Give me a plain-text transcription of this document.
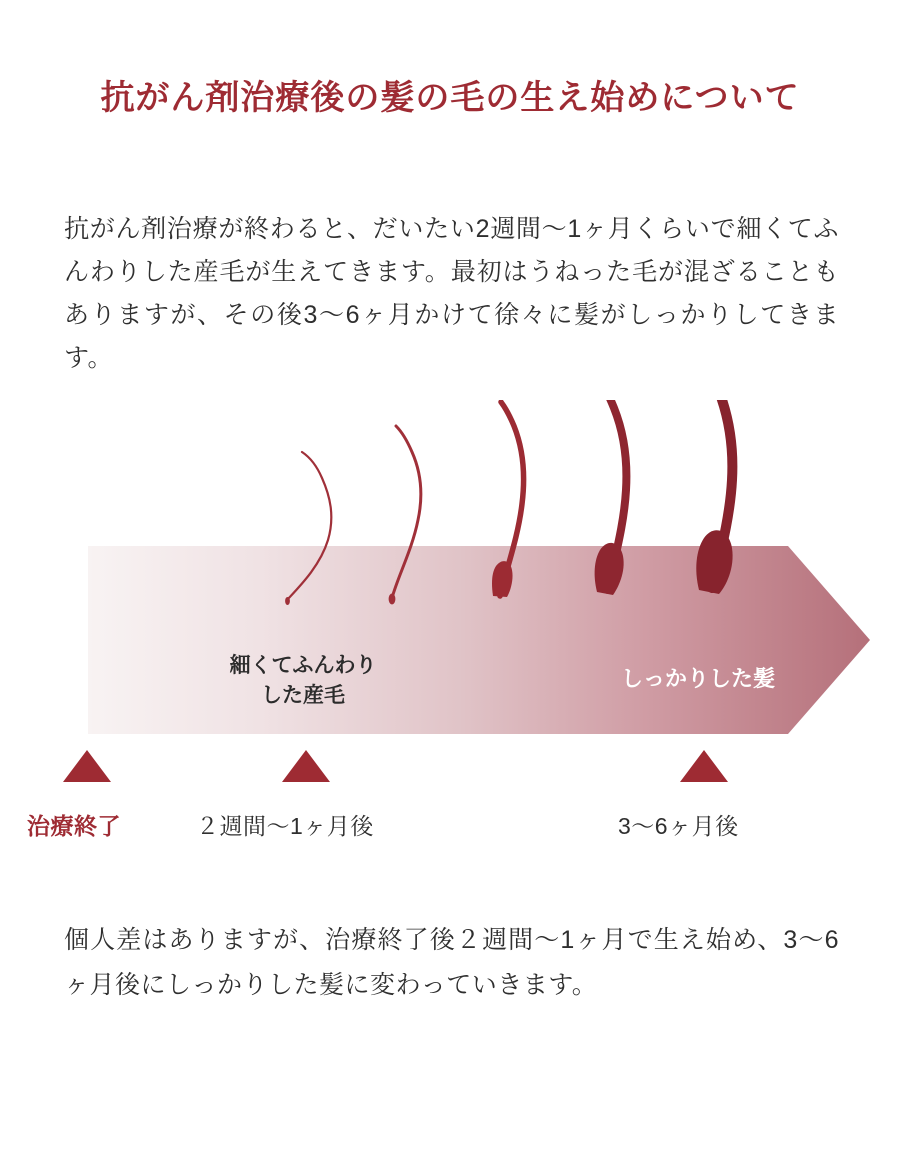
抗がん剤治療後の髪の毛の生え始めについて
抗がん剤治療が終わると、だいたい2週間〜1ヶ月くらいで細くてふんわりした産毛が生えてきます。最初はうねった毛が混ざることもありますが、その後3〜6ヶ月かけて徐々に髪がしっかりしてきます。
細くてふんわり
した産毛
しっかりした髪
治療終了	２週間〜1ヶ月後	3〜6ヶ月後
個人差はありますが、治療終了後２週間〜1ヶ月で生え始め、3〜6ヶ月後にしっかりした髪に変わっていきます。
